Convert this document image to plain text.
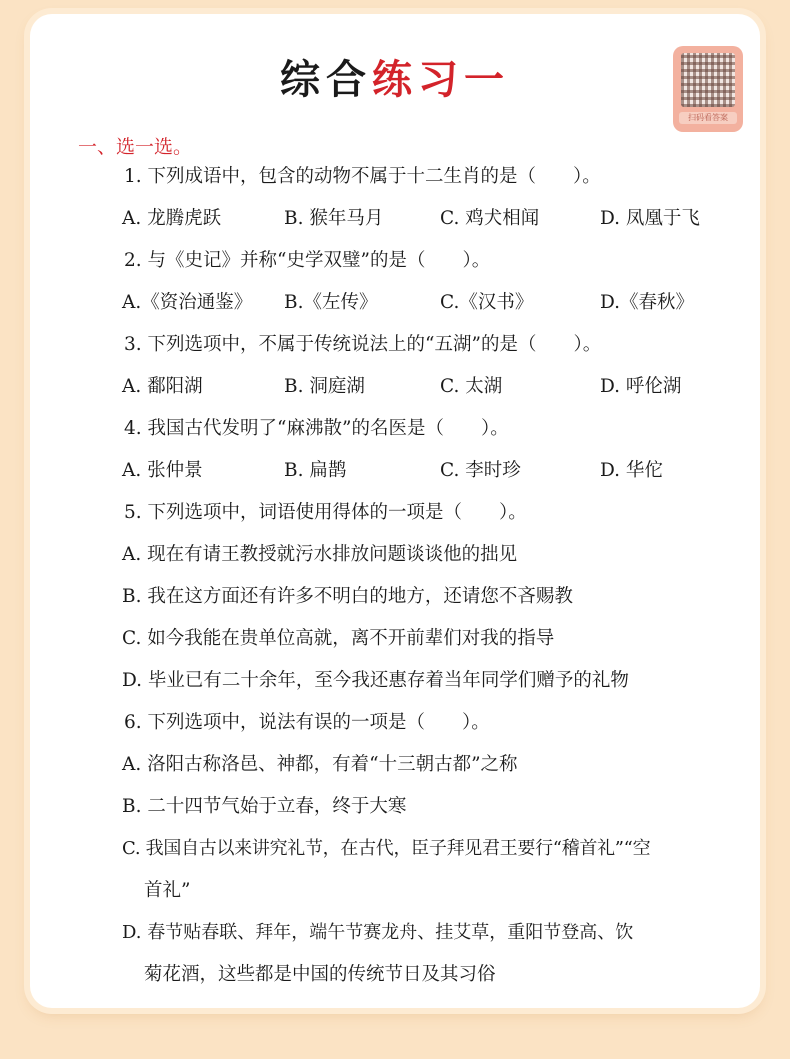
综合练习一
扫码看答案
一、选一选。
1. 下列成语中，包含的动物不属于十二生肖的是（　　）。
A. 龙腾虎跃	B. 猴年马月	C. 鸡犬相闻	D. 凤凰于飞
2. 与《史记》并称“史学双璧”的是（　　）。
A.《资治通鉴》 B.《左传》	C.《汉书》	D.《春秋》
3. 下列选项中，不属于传统说法上的“五湖”的是（　　）。
A. 鄱阳湖	B. 洞庭湖	C. 太湖	D. 呼伦湖
4. 我国古代发明了“麻沸散”的名医是（　　）。
A. 张仲景	B. 扁鹊	C. 李时珍	D. 华佗
5. 下列选项中，词语使用得体的一项是（　　）。
A. 现在有请王教授就污水排放问题谈谈他的拙见
B. 我在这方面还有许多不明白的地方，还请您不吝赐教
C. 如今我能在贵单位高就，离不开前辈们对我的指导
D. 毕业已有二十余年，至今我还惠存着当年同学们赠予的礼物
6. 下列选项中，说法有误的一项是（　　）。
A. 洛阳古称洛邑、神都，有着“十三朝古都”之称
B. 二十四节气始于立春，终于大寒
C. 我国自古以来讲究礼节，在古代，臣子拜见君王要行“稽首礼”“空
首礼”
D. 春节贴春联、拜年，端午节赛龙舟、挂艾草，重阳节登高、饮
菊花酒，这些都是中国的传统节日及其习俗
